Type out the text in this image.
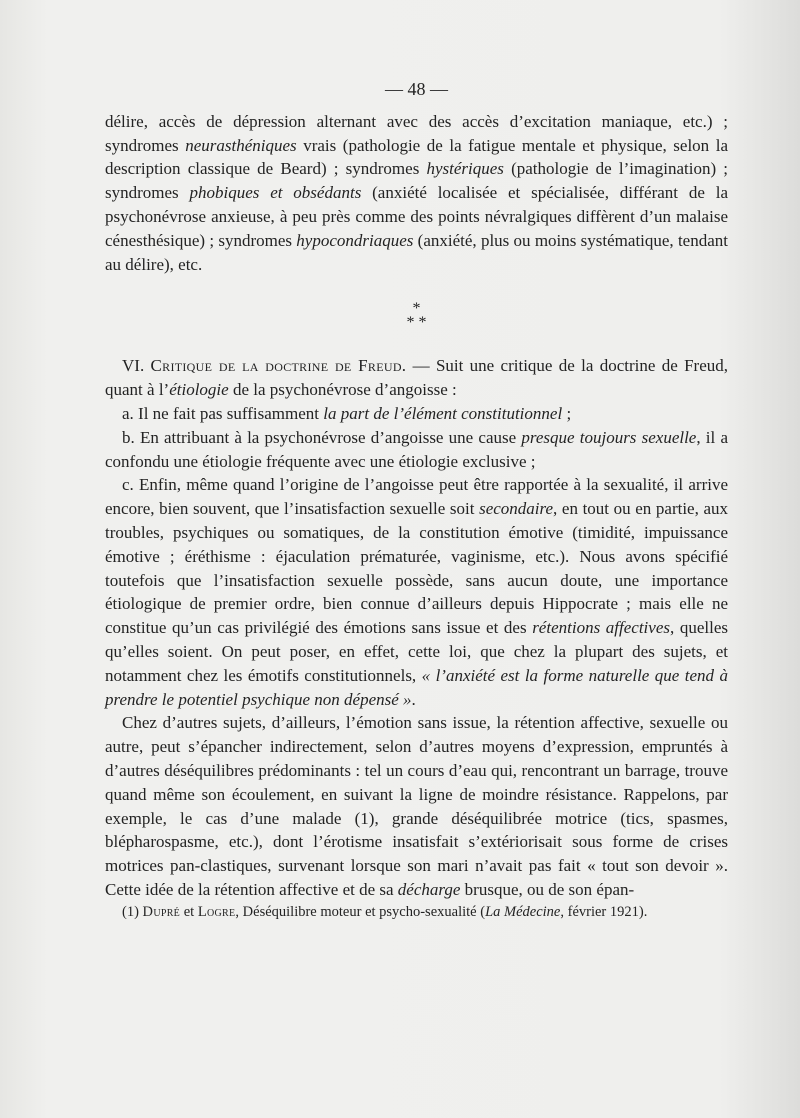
— 48 —

délire, accès de dépression alternant avec des accès d’excitation maniaque, etc.) ; syndromes neurasthéniques vrais (pathologie de la fatigue mentale et physique, selon la description classique de Beard) ; syndromes hystériques (pathologie de l’imagination) ; syndromes phobiques et obsédants (anxiété localisée et spécialisée, différant de la psychonévrose anxieuse, à peu près comme des points névralgiques diffèrent d’un malaise cénesthésique) ; syndromes hypocondriaques (anxiété, plus ou moins systématique, tendant au délire), etc.

*
* *

VI. Critique de la doctrine de Freud. — Suit une critique de la doctrine de Freud, quant à l’étiologie de la psychonévrose d’angoisse :

a. Il ne fait pas suffisamment la part de l’élément constitutionnel ;

b. En attribuant à la psychonévrose d’angoisse une cause presque toujours sexuelle, il a confondu une étiologie fréquente avec une étiologie exclusive ;

c. Enfin, même quand l’origine de l’angoisse peut être rapportée à la sexualité, il arrive encore, bien souvent, que l’insatisfaction sexuelle soit secondaire, en tout ou en partie, aux troubles, psychiques ou somatiques, de la constitution émotive (timidité, impuissance émotive ; éréthisme : éjaculation prématurée, vaginisme, etc.). Nous avons spécifié toutefois que l’insatisfaction sexuelle possède, sans aucun doute, une importance étiologique de premier ordre, bien connue d’ailleurs depuis Hippocrate ; mais elle ne constitue qu’un cas privilégié des émotions sans issue et des rétentions affectives, quelles qu’elles soient. On peut poser, en effet, cette loi, que chez la plupart des sujets, et notamment chez les émotifs constitutionnels, « l’anxiété est la forme naturelle que tend à prendre le potentiel psychique non dépensé ».

Chez d’autres sujets, d’ailleurs, l’émotion sans issue, la rétention affective, sexuelle ou autre, peut s’épancher indirectement, selon d’autres moyens d’expression, empruntés à d’autres déséquilibres prédominants : tel un cours d’eau qui, rencontrant un barrage, trouve quand même son écoulement, en suivant la ligne de moindre résistance. Rappelons, par exemple, le cas d’une malade (1), grande déséquilibrée motrice (tics, spasmes, blépharospasme, etc.), dont l’érotisme insatisfait s’extériorisait sous forme de crises motrices pan-clastiques, survenant lorsque son mari n’avait pas fait « tout son devoir ». Cette idée de la rétention affective et de sa décharge brusque, ou de son épan-

(1) Dupré et Logre, Déséquilibre moteur et psycho-sexualité (La Médecine, février 1921).
